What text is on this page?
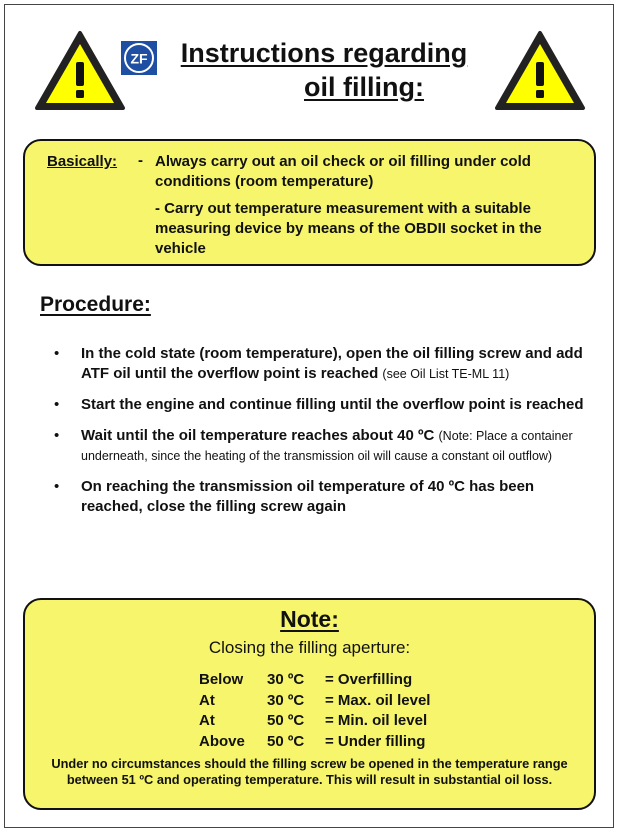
ZF	Instructions regarding
oil filling:
Basically: - Always carry out an oil check or oil filling under cold conditions (room temperature)
- Carry out temperature measurement with a suitable measuring device by means of the OBDII socket in the vehicle
Procedure:
• In the cold state (room temperature), open the oil filling screw and add ATF oil until the overflow point is reached (see Oil List TE-ML 11)
• Start the engine and continue filling until the overflow point is reached
• Wait until the oil temperature reaches about 40 ºC (Note: Place a container underneath, since the heating of the transmission oil will cause a constant oil outflow)
• On reaching the transmission oil temperature of 40 ºC has been reached, close the filling screw again
Note:
Closing the filling aperture:
Below	30 ºC	= Overfilling
At	30 ºC	= Max. oil level
At	50 ºC	= Min. oil level
Above	50 ºC	= Under filling
Under no circumstances should the filling screw be opened in the temperature range between 51 ºC and operating temperature. This will result in substantial oil loss.
